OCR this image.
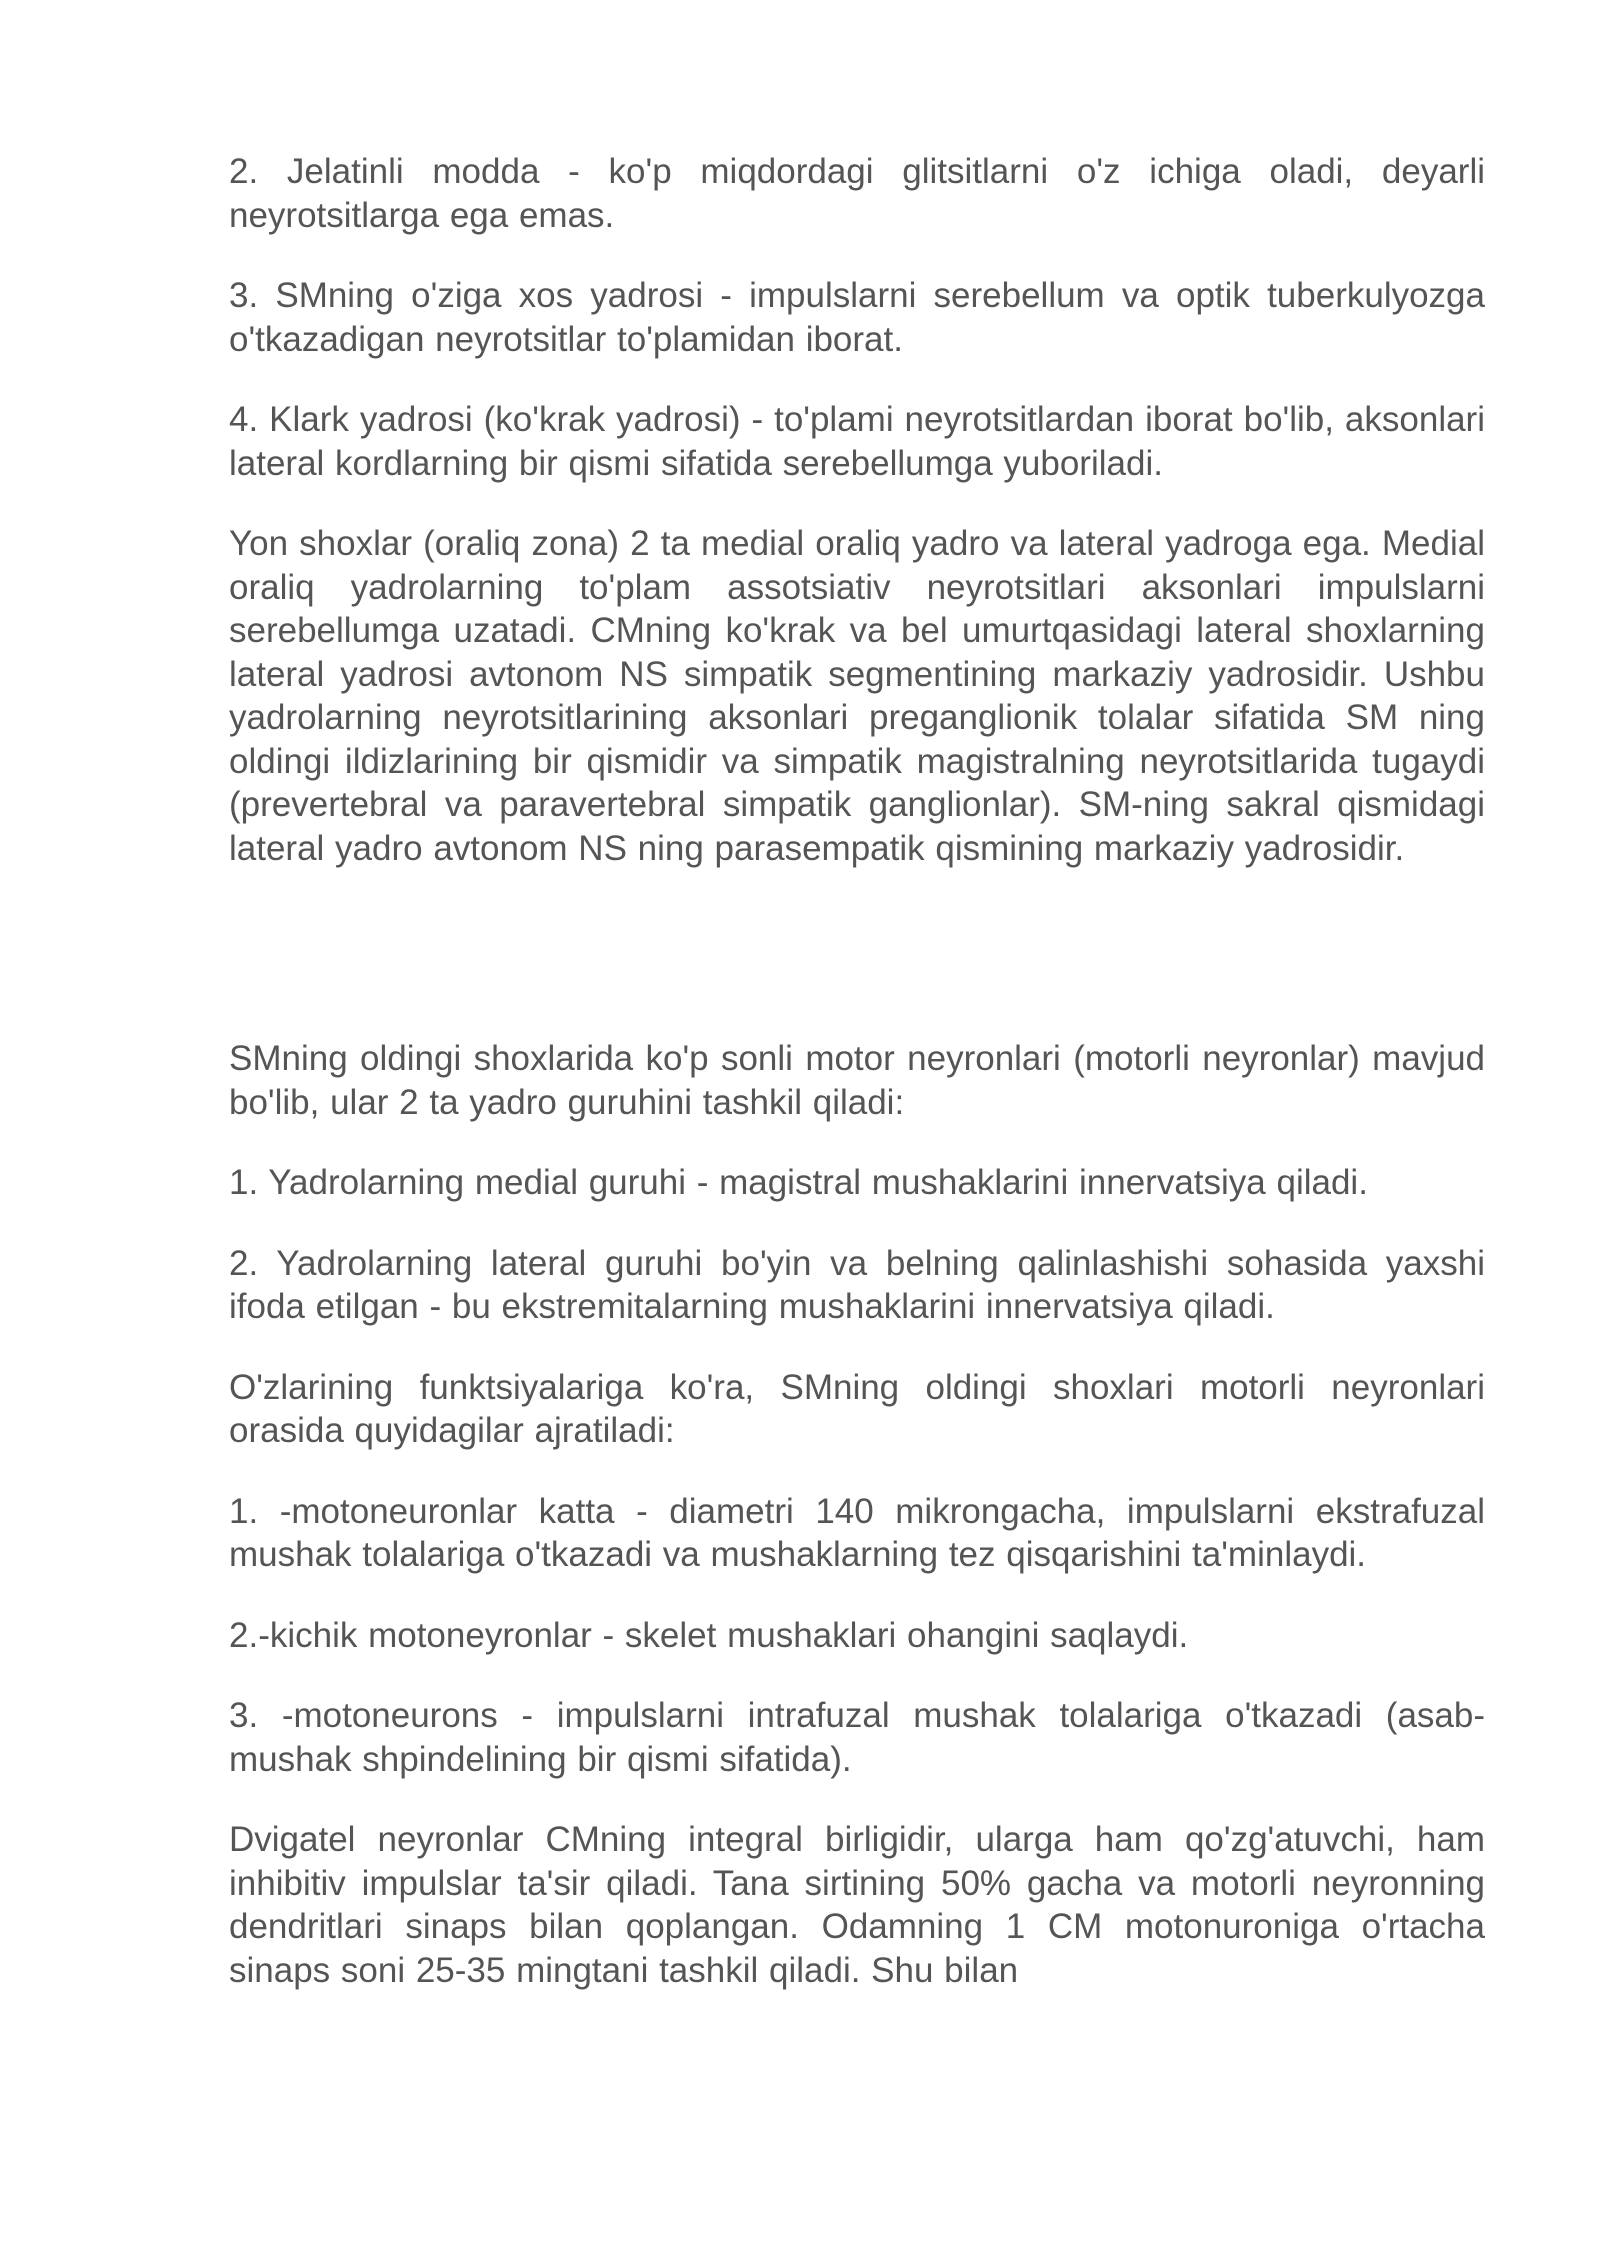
2. Jelatinli modda - ko'p miqdordagi glitsitlarni o'z ichiga oladi, deyarli neyrotsitlarga ega emas.

3. SMning o'ziga xos yadrosi - impulslarni serebellum va optik tuberkulyozga o'tkazadigan neyrotsitlar to'plamidan iborat.

4. Klark yadrosi (ko'krak yadrosi) - to'plami neyrotsitlardan iborat bo'lib, aksonlari lateral kordlarning bir qismi sifatida serebellumga yuboriladi.

Yon shoxlar (oraliq zona) 2 ta medial oraliq yadro va lateral yadroga ega. Medial oraliq yadrolarning to'plam assotsiativ neyrotsitlari aksonlari impulslarni serebellumga uzatadi. CMning ko'krak va bel umurtqasidagi lateral shoxlarning lateral yadrosi avtonom NS simpatik segmentining markaziy yadrosidir. Ushbu yadrolarning neyrotsitlarining aksonlari preganglionik tolalar sifatida SM ning oldingi ildizlarining bir qismidir va simpatik magistralning neyrotsitlarida tugaydi (prevertebral va paravertebral simpatik ganglionlar). SM-ning sakral qismidagi lateral yadro avtonom NS ning parasempatik qismining markaziy yadrosidir.

SMning oldingi shoxlarida ko'p sonli motor neyronlari (motorli neyronlar) mavjud bo'lib, ular 2 ta yadro guruhini tashkil qiladi:

1. Yadrolarning medial guruhi - magistral mushaklarini innervatsiya qiladi.

2. Yadrolarning lateral guruhi bo'yin va belning qalinlashishi sohasida yaxshi ifoda etilgan - bu ekstremitalarning mushaklarini innervatsiya qiladi.

O'zlarining funktsiyalariga ko'ra, SMning oldingi shoxlari motorli neyronlari orasida quyidagilar ajratiladi:

1. -motoneuronlar katta - diametri 140 mikrongacha, impulslarni ekstrafuzal mushak tolalariga o'tkazadi va mushaklarning tez qisqarishini ta'minlaydi.

2.-kichik motoneyronlar - skelet mushaklari ohangini saqlaydi.

3. -motoneurons - impulslarni intrafuzal mushak tolalariga o'tkazadi (asab-mushak shpindelining bir qismi sifatida).

Dvigatel neyronlar CMning integral birligidir, ularga ham qo'zg'atuvchi, ham inhibitiv impulslar ta'sir qiladi. Tana sirtining 50% gacha va motorli neyronning dendritlari sinaps bilan qoplangan. Odamning 1 CM motonuroniga o'rtacha sinaps soni 25-35 mingtani tashkil qiladi. Shu bilan
